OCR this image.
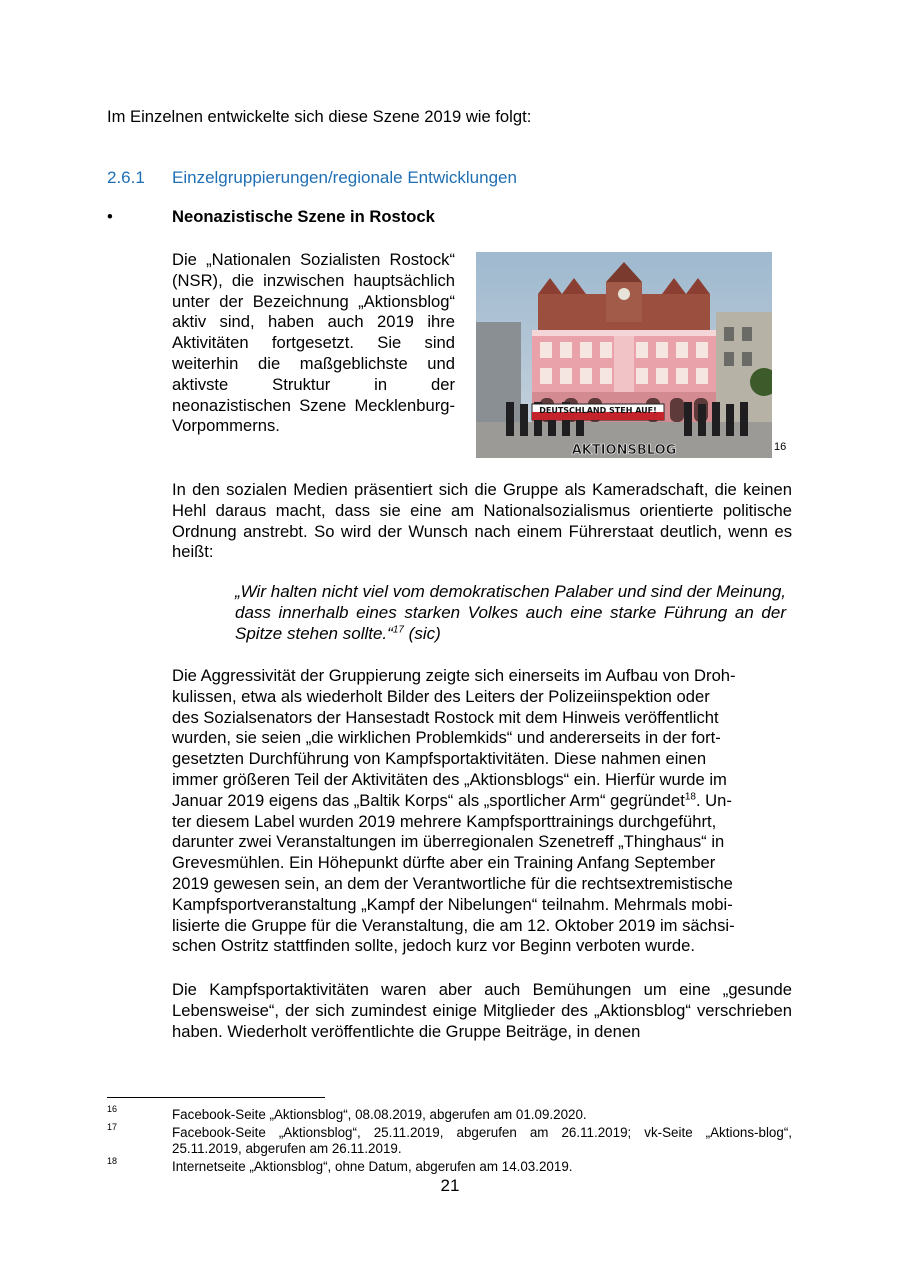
Im Einzelnen entwickelte sich diese Szene 2019 wie folgt:
2.6.1 Einzelgruppierungen/regionale Entwicklungen
•	Neonazistische Szene in Rostock
Die „Nationalen Sozialisten Rostock“ (NSR), die inzwischen hauptsächlich unter der Bezeichnung „Aktionsblog“ aktiv sind, haben auch 2019 ihre Aktivitäten fortgesetzt. Sie sind weiterhin die maßgeblichste und aktivste Struktur in der neonazistischen Szene Mecklenburg-Vorpommerns.
DEUTSCHLAND STEH AUF!
AKTIONSBLOG	16
In den sozialen Medien präsentiert sich die Gruppe als Kameradschaft, die keinen Hehl daraus macht, dass sie eine am Nationalsozialismus orientierte politische Ordnung anstrebt. So wird der Wunsch nach einem Führerstaat deutlich, wenn es heißt:
„Wir halten nicht viel vom demokratischen Palaber und sind der Meinung, dass innerhalb eines starken Volkes auch eine starke Führung an der Spitze stehen sollte.“$^{17}$ (sic)
Die Aggressivität der Gruppierung zeigte sich einerseits im Aufbau von Droh-
kulissen, etwa als wiederholt Bilder des Leiters der Polizeiinspektion oder
des Sozialsenators der Hansestadt Rostock mit dem Hinweis veröffentlicht
wurden, sie seien „die wirklichen Problemkids“ und andererseits in der fort-
gesetzten Durchführung von Kampfsportaktivitäten. Diese nahmen einen
immer größeren Teil der Aktivitäten des „Aktionsblogs“ ein. Hierfür wurde im
Januar 2019 eigens das „Baltik Korps“ als „sportlicher Arm“ gegründet$^{18}$. Un-
ter diesem Label wurden 2019 mehrere Kampfsporttrainings durchgeführt,
darunter zwei Veranstaltungen im überregionalen Szenetreff „Thinghaus“ in
Grevesmühlen. Ein Höhepunkt dürfte aber ein Training Anfang September
2019 gewesen sein, an dem der Verantwortliche für die rechtsextremistische
Kampfsportveranstaltung „Kampf der Nibelungen“ teilnahm. Mehrmals mobi-
lisierte die Gruppe für die Veranstaltung, die am 12. Oktober 2019 im sächsi-
schen Ostritz stattfinden sollte, jedoch kurz vor Beginn verboten wurde.
Die Kampfsportaktivitäten waren aber auch Bemühungen um eine „gesunde Lebensweise“, der sich zumindest einige Mitglieder des „Aktionsblog“ verschrieben haben. Wiederholt veröffentlichte die Gruppe Beiträge, in denen
16	Facebook-Seite „Aktionsblog“, 08.08.2019, abgerufen am 01.09.2020.
17	Facebook-Seite „Aktionsblog“, 25.11.2019, abgerufen am 26.11.2019; vk-Seite „Aktions-blog“, 25.11.2019, abgerufen am 26.11.2019.
18	Internetseite „Aktionsblog“, ohne Datum, abgerufen am 14.03.2019.
21
